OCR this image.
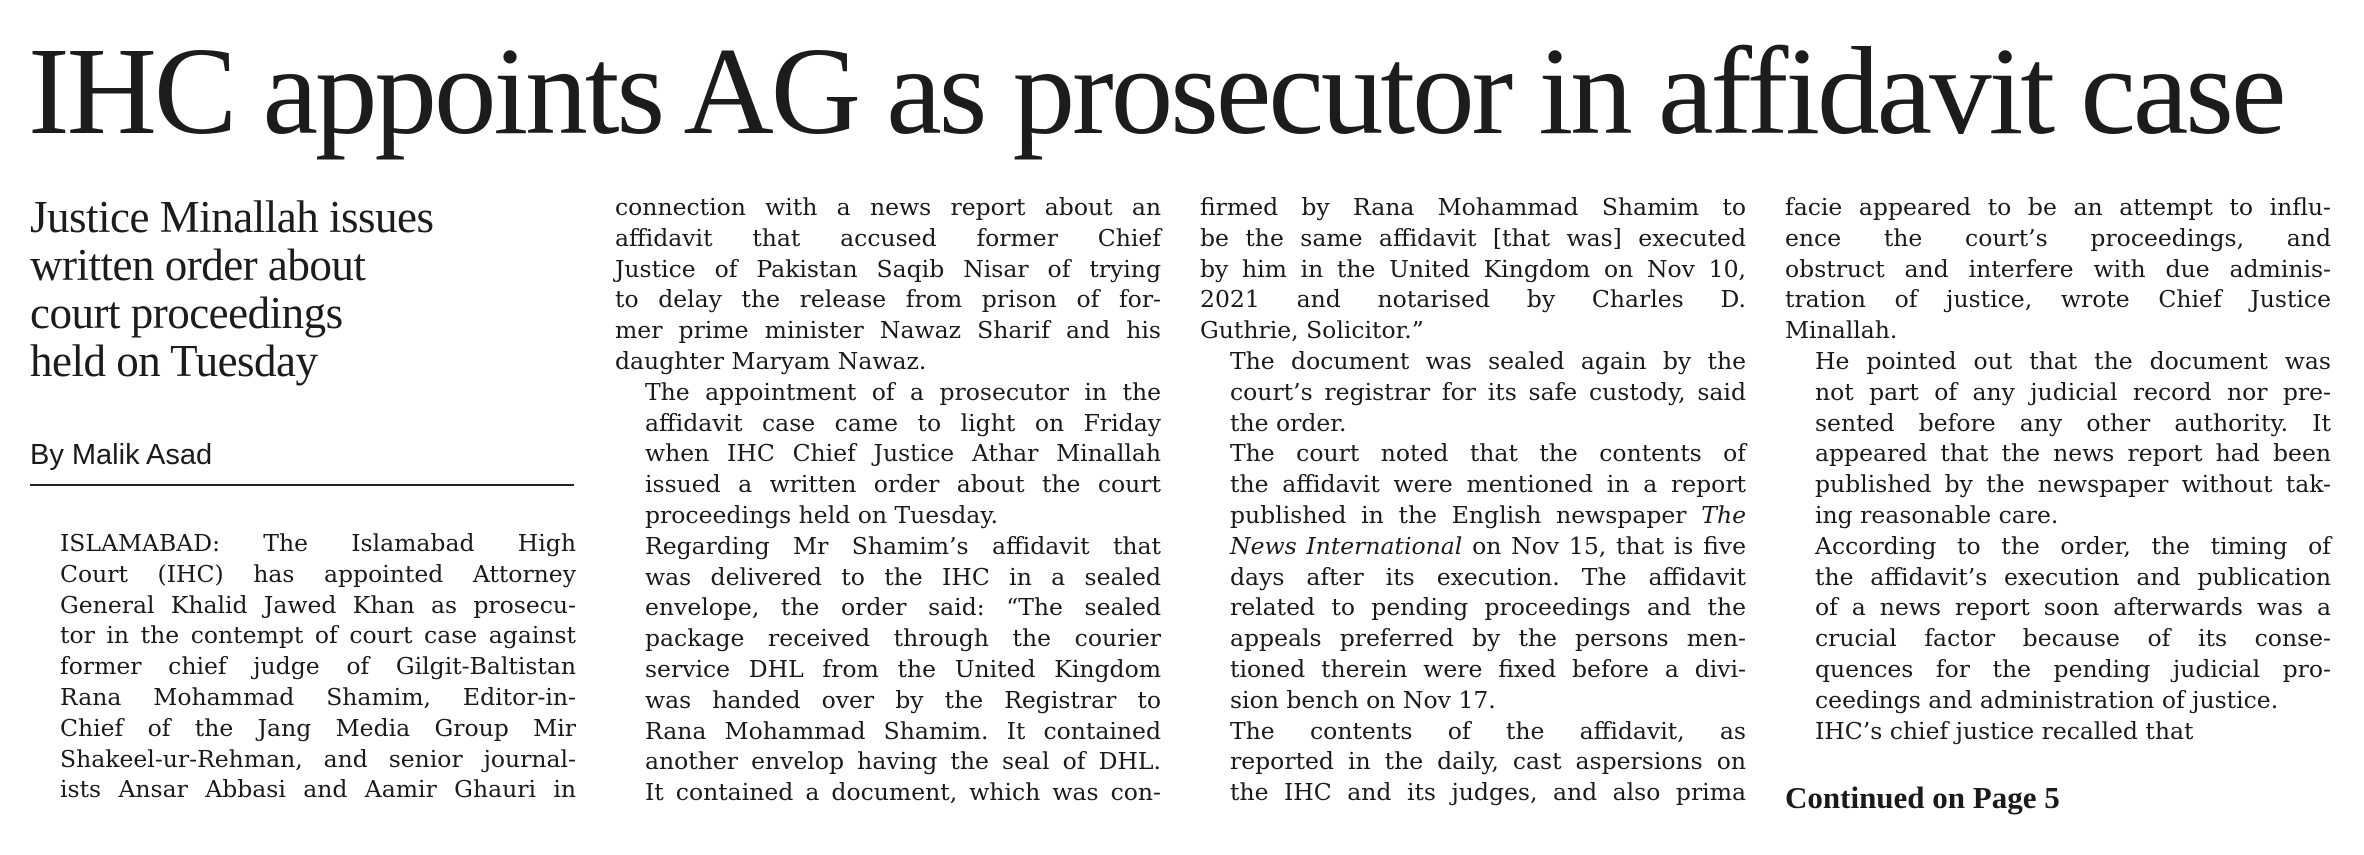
IHC appoints AG as prosecutor in affidavit case

Justice Minallah issues

written order about

court proceedings

held on Tuesday

By Malik Asad

ISLAMABAD: The Islamabad High
Court (IHC) has appointed Attorney
General Khalid Jawed Khan as prosecu-
tor in the contempt of court case against
former chief judge of Gilgit-Baltistan
Rana Mohammad Shamim, Editor-in-
Chief of the Jang Media Group Mir
Shakeel-ur-Rehman, and senior journal-
ists Ansar Abbasi and Aamir Ghauri in

connection with a news report about an
affidavit that accused former Chief
Justice of Pakistan Saqib Nisar of trying
to delay the release from prison of for-
mer prime minister Nawaz Sharif and his
daughter Maryam Nawaz.

The appointment of a prosecutor in the
affidavit case came to light on Friday
when IHC Chief Justice Athar Minallah
issued a written order about the court
proceedings held on Tuesday.

Regarding Mr Shamim’s affidavit that
was delivered to the IHC in a sealed
envelope, the order said: “The sealed
package received through the courier
service DHL from the United Kingdom
was handed over by the Registrar to
Rana Mohammad Shamim. It contained
another envelop having the seal of DHL.
It contained a document, which was con-

firmed by Rana Mohammad Shamim to
be the same affidavit [that was] executed
by him in the United Kingdom on Nov 10,
2021 and notarised by Charles D.
Guthrie, Solicitor.”

The document was sealed again by the
court’s registrar for its safe custody, said
the order.

The court noted that the contents of
the affidavit were mentioned in a report
published in the English newspaper The
News International on Nov 15, that is five
days after its execution. The affidavit
related to pending proceedings and the
appeals preferred by the persons men-
tioned therein were fixed before a divi-
sion bench on Nov 17.

The contents of the affidavit, as
reported in the daily, cast aspersions on
the IHC and its judges, and also prima

facie appeared to be an attempt to influ-
ence the court’s proceedings, and
obstruct and interfere with due adminis-
tration of justice, wrote Chief Justice
Minallah.

He pointed out that the document was
not part of any judicial record nor pre-
sented before any other authority. It
appeared that the news report had been
published by the newspaper without tak-
ing reasonable care.

According to the order, the timing of
the affidavit’s execution and publication
of a news report soon afterwards was a
crucial factor because of its conse-
quences for the pending judicial pro-
ceedings and administration of justice.

IHC’s chief justice recalled that

Continued on Page 5
